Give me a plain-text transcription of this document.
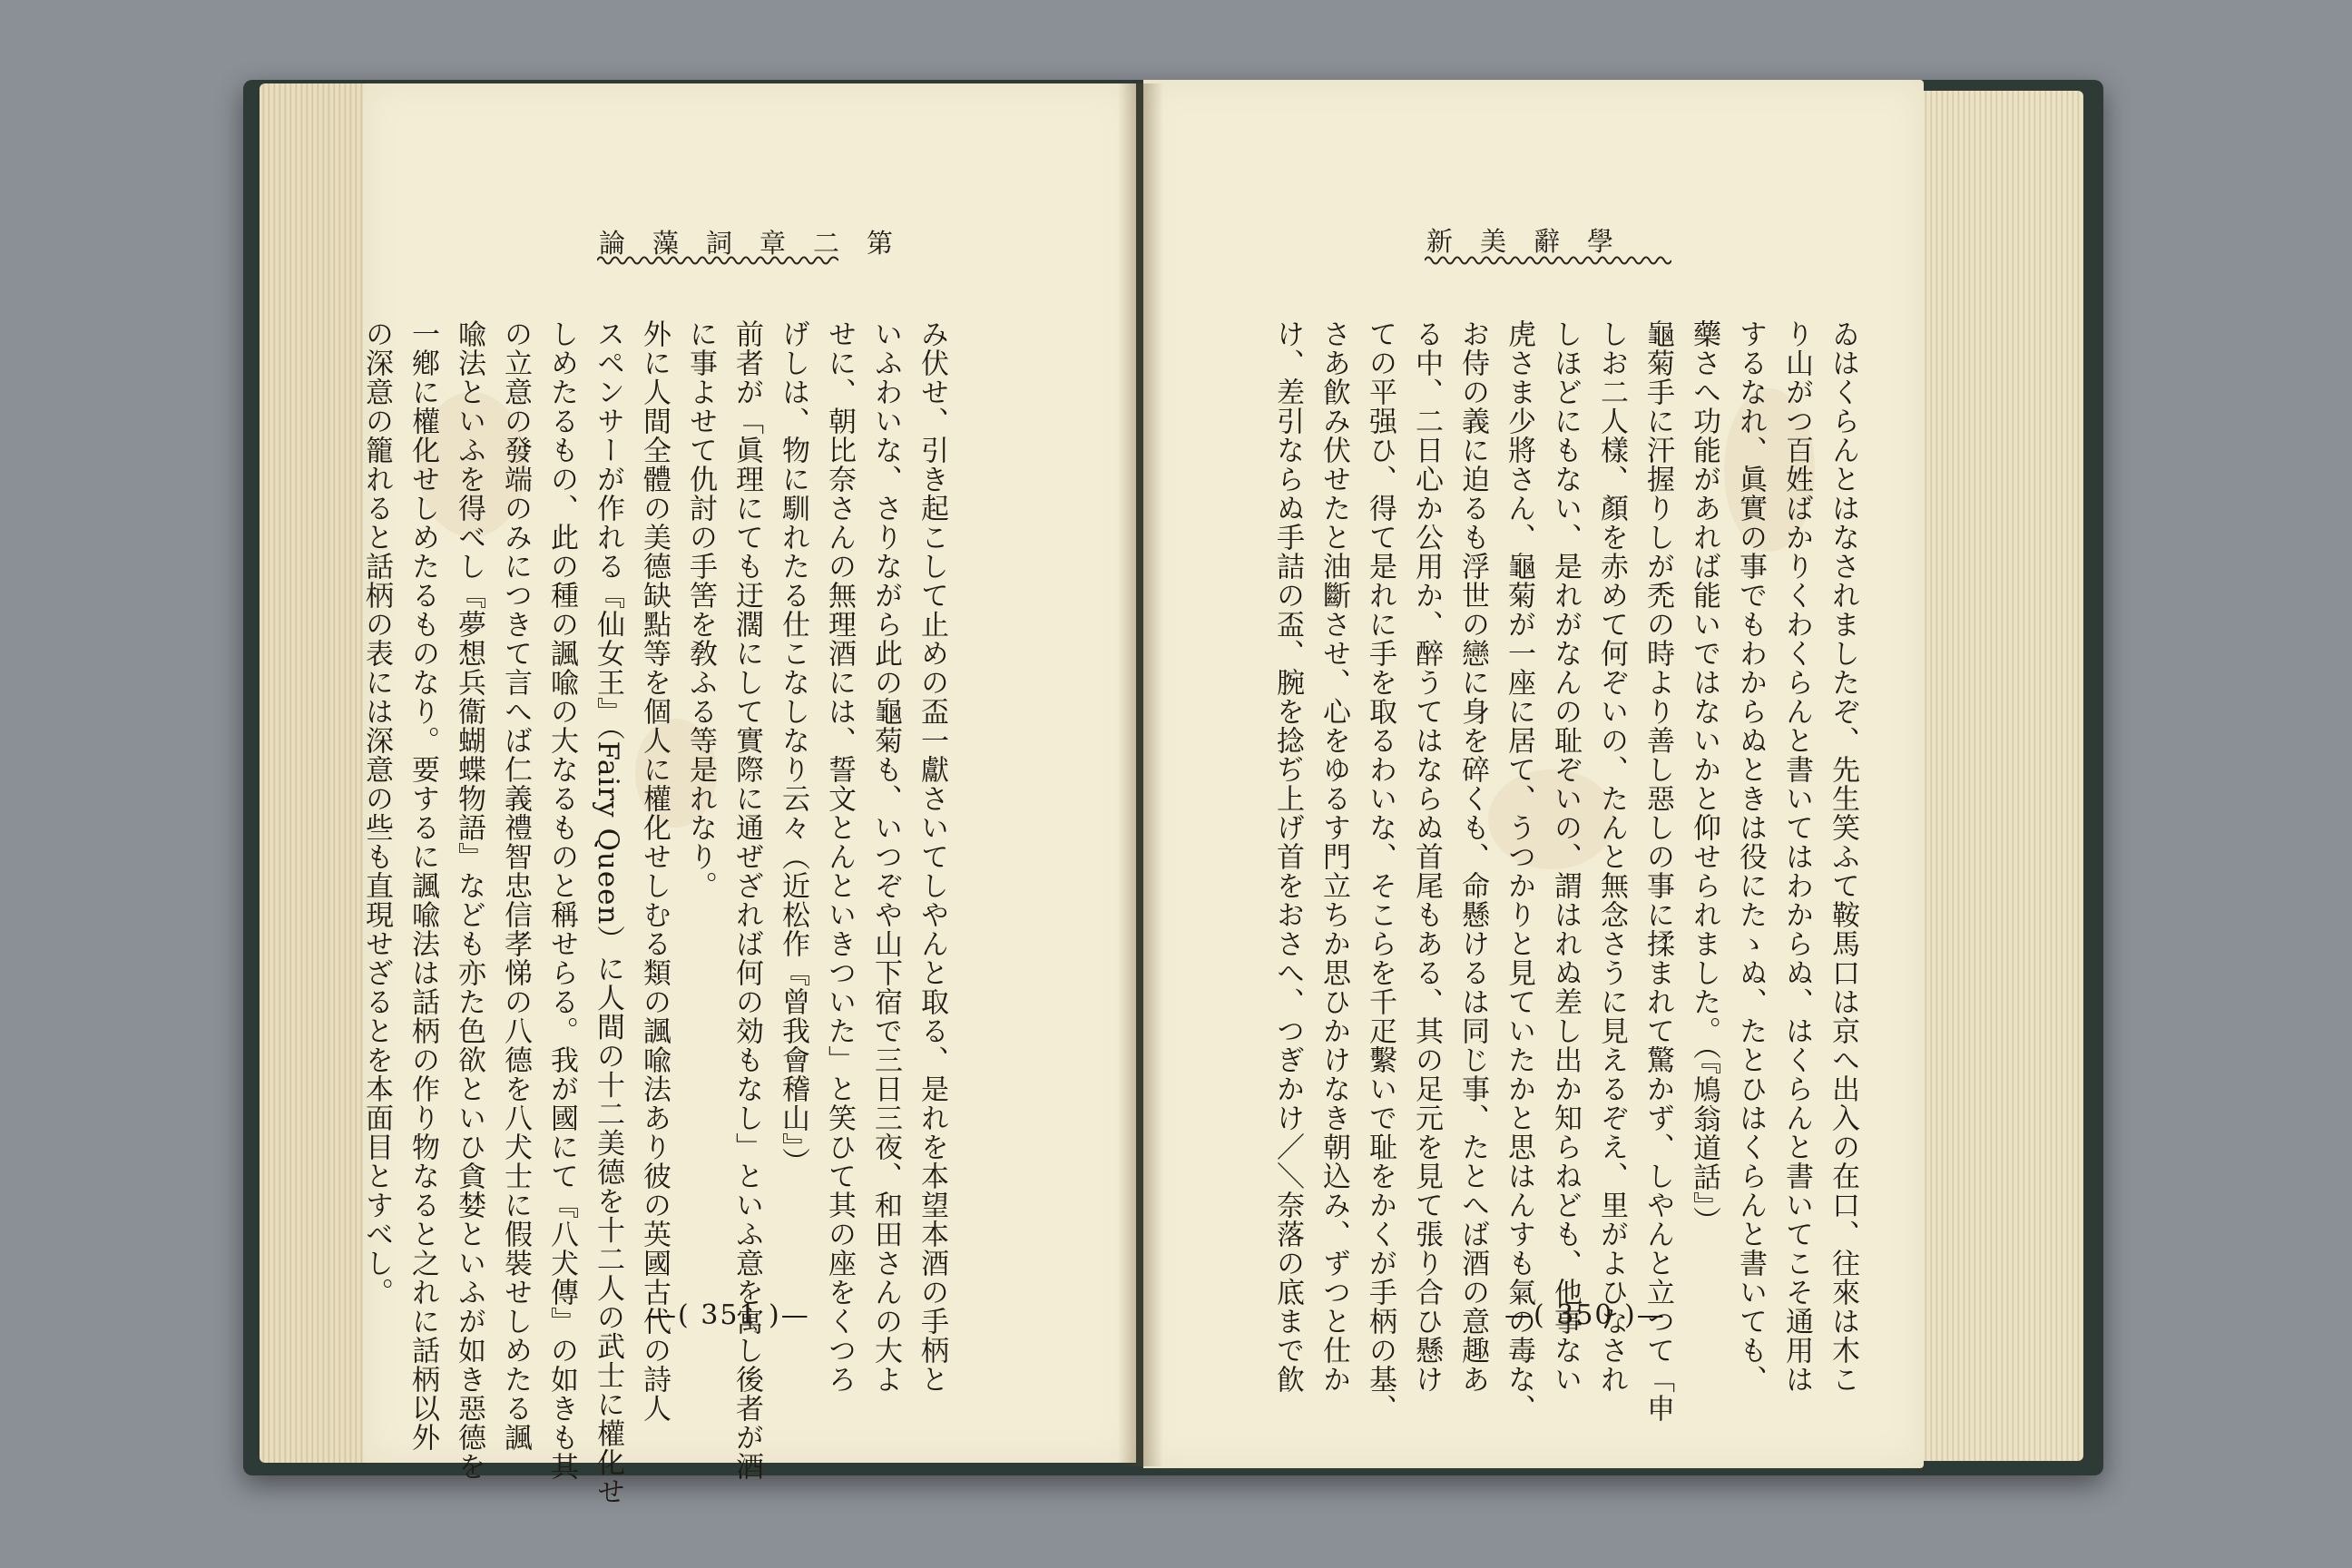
論藻詞章二第	新美辭學
み伏せ、引き起こして止めの盃一獻さいてしやんと取る、是れを本望本酒の手柄と
いふわいな、さりながら此の龜菊も、いつぞや山下宿で三日三夜、和田さんの大よ
せに、朝比奈さんの無理酒には、誓文とんといきついた」と笑ひて其の座をくつろ
げしは、物に馴れたる仕こなしなり云々（近松作『曾我會稽山』）
前者が「眞理にても迂濶にして實際に通ぜざれば何の効もなし」といふ意を寓し後者が酒
に事よせて仇討の手筈を敎ふる等是れなり。
外に人間全體の美德缺點等を個人に權化せしむる類の諷喩法あり彼の英國古代の詩人
スペンサーが作れる『仙女王』（Fairy Queen）に人間の十二美德を十二人の武士に權化せ
しめたるもの、此の種の諷喩の大なるものと稱せらる。我が國にて『八犬傳』の如きも其
の立意の發端のみにつきて言へば仁義禮智忠信孝悌の八德を八犬士に假裝せしめたる諷
喩法といふを得べし『夢想兵衞蝴蝶物語』なども亦た色欲といひ貪婪といふが如き惡德を
一鄕に權化せしめたるものなり。要するに諷喩法は話柄の作り物なると之れに話柄以外
の深意の籠れると話柄の表には深意の些も直現せざるとを本面目とすべし。	ゐはくらんとはなされましたぞ、先生笑ふて鞍馬口は京へ出入の在口、往來は木こ
り山がつ百姓ばかりくわくらんと書いてはわからぬ、はくらんと書いてこそ通用は
するなれ、眞實の事でもわからぬときは役にたゝぬ、たとひはくらんと書いても、
藥さへ功能があれば能いではないかと仰せられました。（『鳩翁道話』）
龜菊手に汗握りしが禿の時より善し惡しの事に揉まれて驚かず、しやんと立つて「申
しお二人樣、顏を赤めて何ぞいの、たんと無念さうに見えるぞえ、里がよひなされ
しほどにもない、是れがなんの耻ぞいの、謂はれぬ差し出か知らねども、他事ない
虎さま少將さん、龜菊が一座に居て、うつかりと見ていたかと思はんすも氣の毒な、
お侍の義に迫るも浮世の戀に身を碎くも、命懸けるは同じ事、たとへば酒の意趣あ
る中、二日心か公用か、醉うてはならぬ首尾もある、其の足元を見て張り合ひ懸け
ての平强ひ、得て是れに手を取るわいな、そこらを千疋繫いで耻をかくが手柄の基、
さあ飮み伏せたと油斷させ、心をゆるす門立ちか思ひかけなき朝込み、ずつと仕か
け、差引ならぬ手詰の盃、腕を捻ぢ上げ首をおさへ、つぎかけ／＼奈落の底まで飮
—( 351 )—	—( 350 )—
